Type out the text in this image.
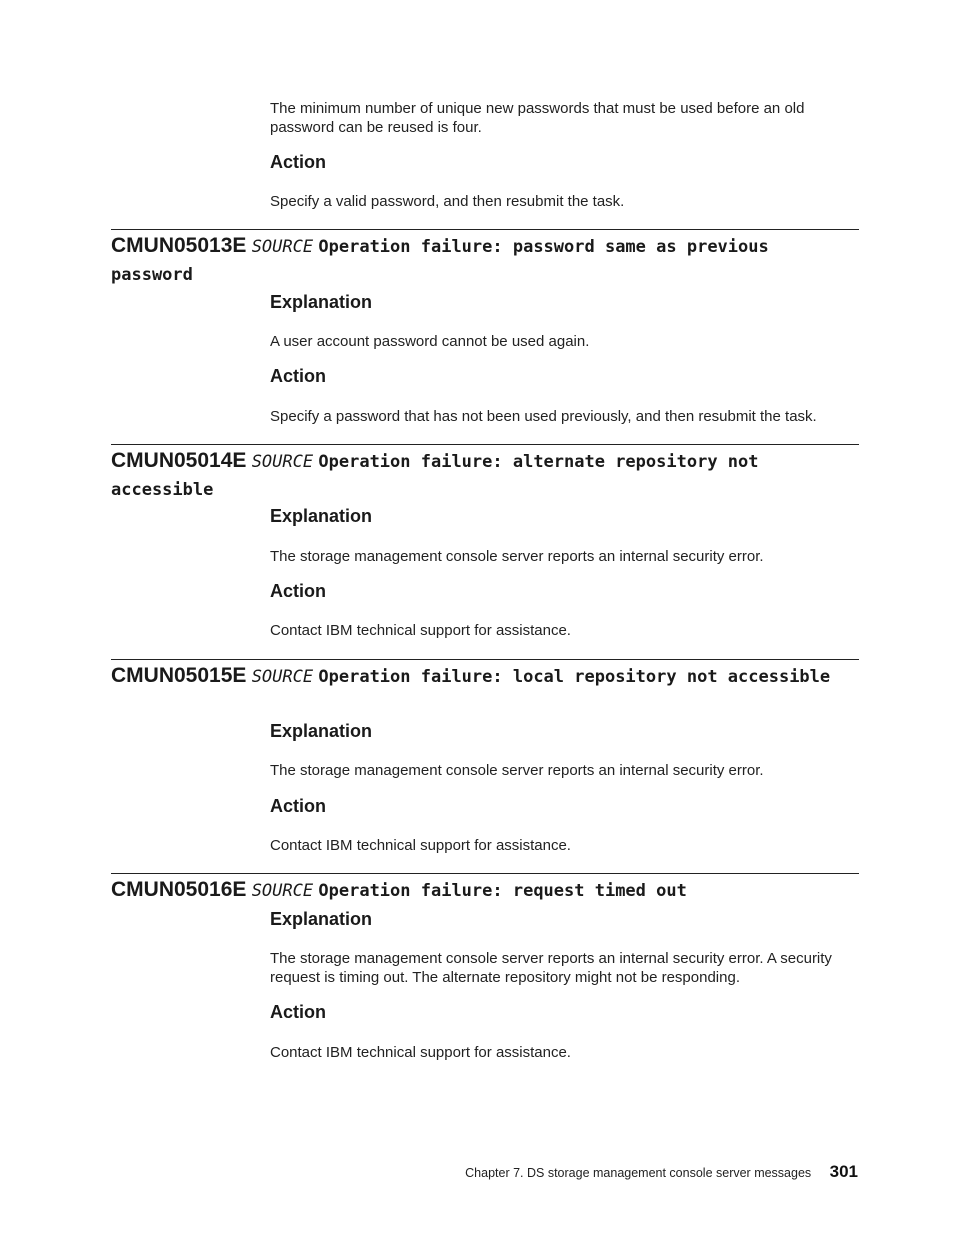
The minimum number of unique new passwords that must be used before an old password can be reused is four.
Action
Specify a valid password, and then resubmit the task.
CMUN05013E SOURCE Operation failure: password same as previous password
Explanation
A user account password cannot be used again.
Action
Specify a password that has not been used previously, and then resubmit the task.
CMUN05014E SOURCE Operation failure: alternate repository not accessible
Explanation
The storage management console server reports an internal security error.
Action
Contact IBM technical support for assistance.
CMUN05015E SOURCE Operation failure: local repository not accessible
Explanation
The storage management console server reports an internal security error.
Action
Contact IBM technical support for assistance.
CMUN05016E SOURCE Operation failure: request timed out
Explanation
The storage management console server reports an internal security error. A security request is timing out. The alternate repository might not be responding.
Action
Contact IBM technical support for assistance.
Chapter 7. DS storage management console server messages 301
